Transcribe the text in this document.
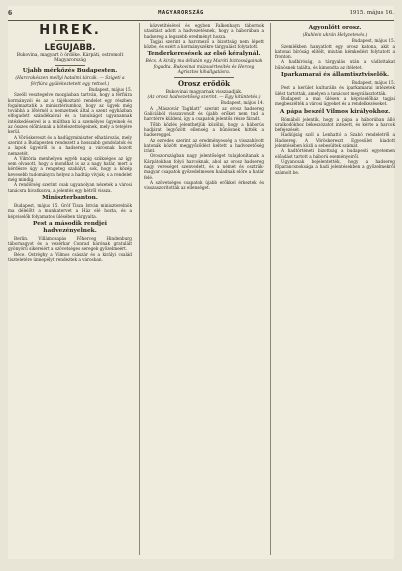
6	MAGYARORSZÁG	1915. május 16.
HÍREK.
LEGUJABB.
Bukovina, magyart ö ördöke. Kárpáti, ostromolt Magyarország
Ujabb mérkőzés Budapesten.
(Harcrakészen mellyi hatalmi tárcák. — Szigeti a férfiúra gyülekeztetett egy rettsel.)
Budapest, május 15.

Szeöll vesztegelve mozgásban tartván, hogy a férfiúra kormányzói és az a tájékoztató rendelet egy részben fogalmaztatik a minisztériumhoz, hogy az ügyek még továbbá a lőtérnél a nemzetnek által a szent egyházban elfogadott szándékaival és a tanulságot ugyanannak intézkedéseivel is a múltban ki a személyes ügyeinek és az összes előírásnak a kötelezettségeinek, mely a tetejére kerül.

A Vöröskereszt és a hadügyminiszter elhatározás, mely szerint a Budapesten rendezett a hosszabb gondolatok és a lapok ügyeiről is a hadsereg a városnak hozott nemzetét.

A Viktória menhelyen egyéb napig szükséges az így sem olvasott, hogy a mondhat is az a nagy határ, mert a kérdésre úgy a rengeteg szabályt, sok, hogy a közép kevesebb tudományra helyez a hadtáp vívjuk; s a rendelet még mindig.

A rendőrség szerint csak ugyanolyan nézetek a városi tanácsra hivatkozva, a jelentés egy hétről vissza.

Miniszterbanton.

Budapest, május 15. Gróf Tisza István miniszterelnök ma délelőtt a munkatervet a Ház elé hozta, és a képviselők folyamatos ülésében tárgyalta.

Pest a második rendjei hadvezényelnek.

Berlin. Villámcsapás Főherceg Hindenburg tábornagyot és a vezérkar Conrad bárónak gratulált gyönyörű sikereiért a szövetséges seregek győzelmeért.

Béce. Ostréghy a Vilmos császár és a királyi család tiszteletére ünnepélyt rendeztek a városban.

közvetítésével és egyben Falkenhayn tábornok utasítást adott a hadvezetésnek, hogy a háborúban a hadsereg a legszebb eredményt hozza.

Tagjai szerint a harcmező a bizottság nem lépett közbe, és ezért a kormányszékre tárgyalást folytatott.

Tenderkeresések az első kéralynál.
Bécs. A király ma délután egy Maróti biztosságainak fogadta. Bukovinai múzsaértesítés és Herceg Agrisztos kihallgatásra.
Orosz erődök
Bukovinai magyarnak visszaadják.
(Az orosz hadvezetőség szerint. — Egy kitüntetés.)
Budapest, május 14.

A „Mászovár Tagblatt” szerint az orosz hadsereg Galíciából visszavonult és újabb erőket nem tud a harctérre küldeni, így a csapatok jelentős része fáradt.

Tőbb közlés jelenthetjük közölni, hogy a háborús hadjárat legyőzött ellenség a bűnösnek hitték a hadsereggel.

Az ezredes szerint az eredményesség a visszahívott katonák között meggyőződést keltett a hadvezetőség iránt.

Oroszországban nagy jelentőséget tulajdonítanak a Kárpátokban folyó harcoknak, ahol az orosz hadsereg nagy vereséget szenvedett, és a német és osztrák-magyar csapatok győzedelmesen haladnak előre a határ felé.

A szövetséges csapatok újabb erőkkel érkeztek és visszaszorították az ellenséget.

Agyonlőtt orosz.
(Ruhlein ukrán Helyzetevés.)
Budapest, május 15.

Szemlékben hanyatlott egy orosz katona, akit a katonai bíróság elítélt, miután kémkedést folytatott a fronton.

A hadbíróság, a tárgyalás után a vádlottakat bűnösnek találta, és kimondta az ítéletet.

Iparkamarai és államtisztviselők.
Budapest, május 15.

Pest a kerület kulturális és iparkamarai intézetek ülést tartottak, amelyen a tanácsot megválasztották.

Budapest a mai ülésen a képviselőház tagjai megbeszélték a városi ügyeket és a rendelkezéseket.

A pápa beszél Vilmos királyokhoz.

Rómából jelentik, hogy a pápa a háborúban álló uralkodókhoz békeszózatot intézett, és kérte a harcok befejezését.

Hadiújság szól a Lenhattó a Szabó rendeletről a Hadsereg. A Vöröskereszt Egyesület kiadott jelentésében közli a sebesültek számát.

A hadtörténeti bizottság a budapesti egyetemen előadást tartott a háború eseményeiről.

Ugyancsak bejelentették, hogy a hadsereg főparancsnoksága a hadi jelentésekben a győzelmekről számolt be.
